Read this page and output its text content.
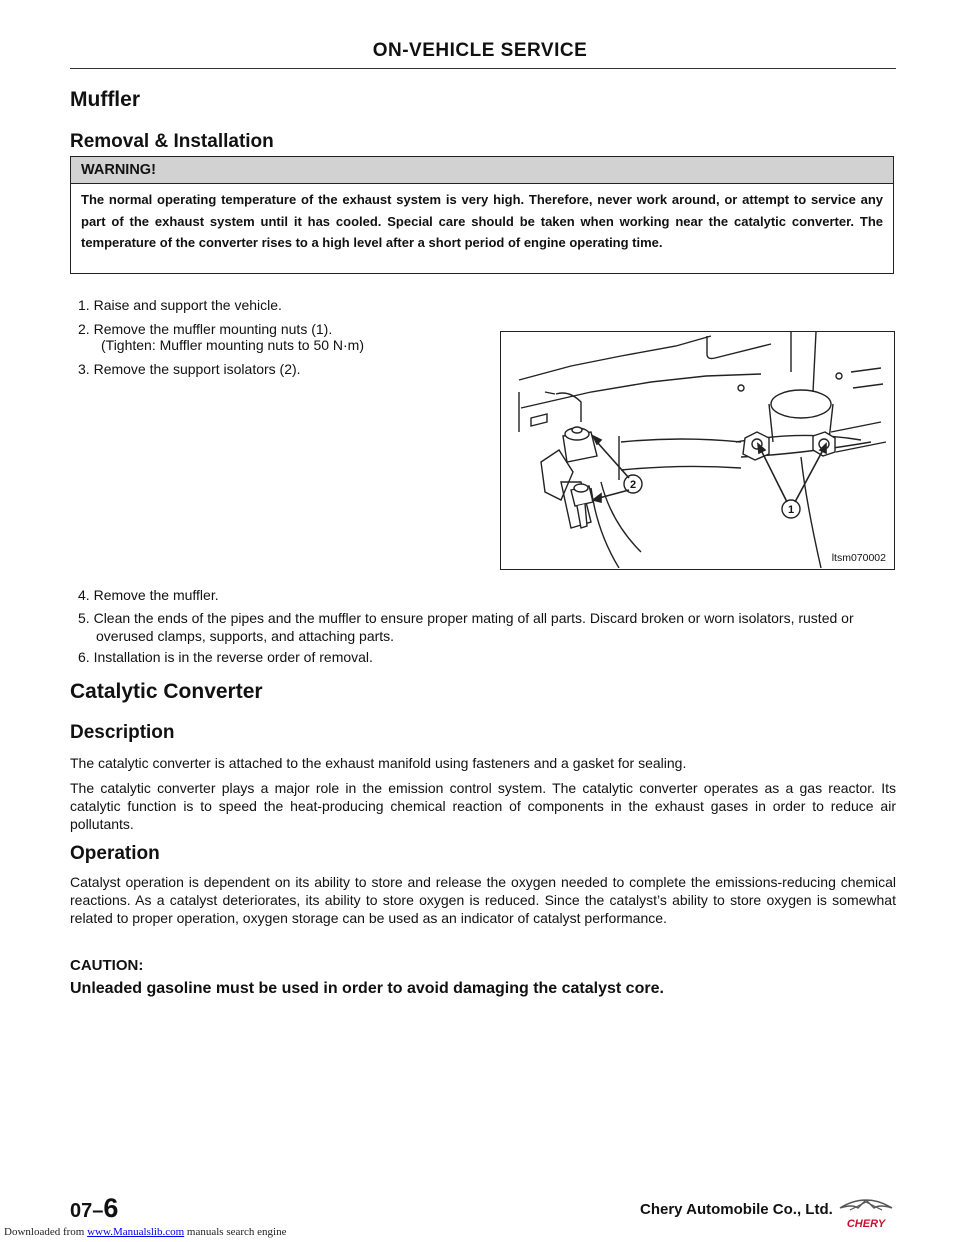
ON-VEHICLE SERVICE
Muffler
Removal & Installation
WARNING!
The normal operating temperature of the exhaust system is very high. Therefore, never work around, or attempt to service any part of the exhaust system until it has cooled. Special care should be taken when working near the catalytic converter. The temperature of the converter rises to a high level after a short period of engine operating time.
1. Raise and support the vehicle.
2. Remove the muffler mounting nuts (1).
(Tighten: Muffler mounting nuts to 50 N·m)
3. Remove the support isolators (2).
2
1
ltsm070002
4. Remove the muffler.
5. Clean the ends of the pipes and the muffler to ensure proper mating of all parts. Discard broken or worn isolators, rusted or overused clamps, supports, and attaching parts.
6. Installation is in the reverse order of removal.
Catalytic Converter
Description
The catalytic converter is attached to the exhaust manifold using fasteners and a gasket for sealing.
The catalytic converter plays a major role in the emission control system. The catalytic converter operates as a gas reactor. Its catalytic function is to speed the heat-producing chemical reaction of components in the exhaust gases in order to reduce air pollutants.
Operation
Catalyst operation is dependent on its ability to store and release the oxygen needed to complete the emissions-reducing chemical reactions. As a catalyst deteriorates, its ability to store oxygen is reduced. Since the catalyst’s ability to store oxygen is somewhat related to proper operation, oxygen storage can be used as an indicator of catalyst performance.
CAUTION:
Unleaded gasoline must be used in order to avoid damaging the catalyst core.
07–6	Chery Automobile Co., Ltd.
CHERY
Downloaded from www.Manualslib.com manuals search engine
